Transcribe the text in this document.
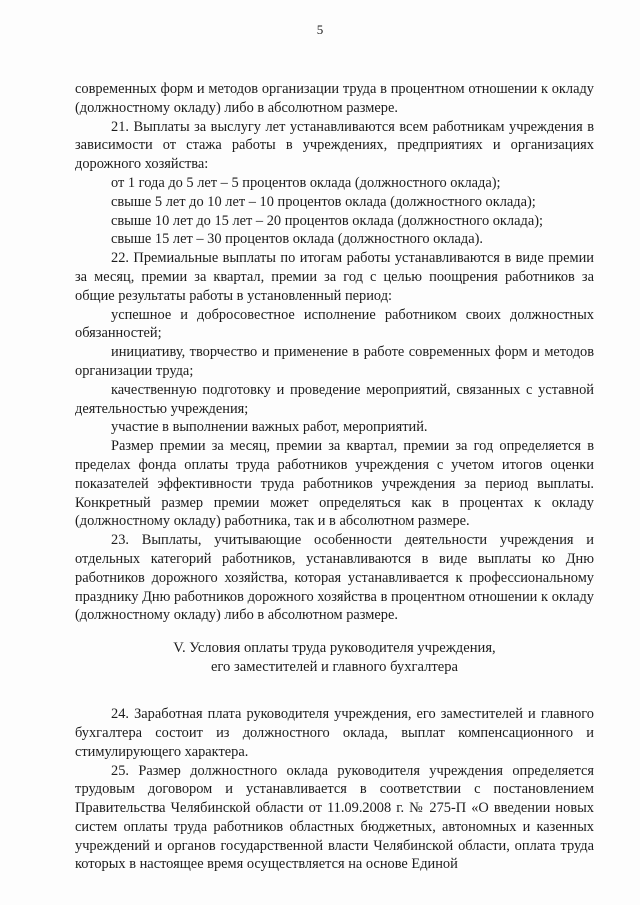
5

современных форм и методов организации труда в процентном отношении к окладу (должностному окладу) либо в абсолютном размере.

21. Выплаты за выслугу лет устанавливаются всем работникам учреждения в зависимости от стажа работы в учреждениях, предприятиях и организациях дорожного хозяйства:

от 1 года до 5 лет – 5 процентов оклада (должностного оклада);

свыше 5 лет до 10 лет – 10 процентов оклада (должностного оклада);

свыше 10 лет до 15 лет – 20 процентов оклада (должностного оклада);

свыше 15 лет – 30 процентов оклада (должностного оклада).

22. Премиальные выплаты по итогам работы устанавливаются в виде премии за месяц, премии за квартал, премии за год с целью поощрения работников за общие результаты работы в установленный период:

успешное и добросовестное исполнение работником своих должностных обязанностей;

инициативу, творчество и применение в работе современных форм и методов организации труда;

качественную подготовку и проведение мероприятий, связанных с уставной деятельностью учреждения;

участие в выполнении важных работ, мероприятий.

Размер премии за месяц, премии за квартал, премии за год определяется в пределах фонда оплаты труда работников учреждения с учетом итогов оценки показателей эффективности труда работников учреждения за период выплаты. Конкретный размер премии может определяться как в процентах к окладу (должностному окладу) работника, так и в абсолютном размере.

23. Выплаты, учитывающие особенности деятельности учреждения и отдельных категорий работников, устанавливаются в виде выплаты ко Дню работников дорожного хозяйства, которая устанавливается к профессиональному празднику Дню работников дорожного хозяйства в процентном отношении к окладу (должностному окладу) либо в абсолютном размере.

V. Условия оплаты труда руководителя учреждения,
его заместителей и главного бухгалтера

24. Заработная плата руководителя учреждения, его заместителей и главного бухгалтера состоит из должностного оклада, выплат компенсационного и стимулирующего характера.

25. Размер должностного оклада руководителя учреждения определяется трудовым договором и устанавливается в соответствии с постановлением Правительства Челябинской области от 11.09.2008 г. № 275-П «О введении новых систем оплаты труда работников областных бюджетных, автономных и казенных учреждений и органов государственной власти Челябинской области, оплата труда которых в настоящее время осуществляется на основе Единой
